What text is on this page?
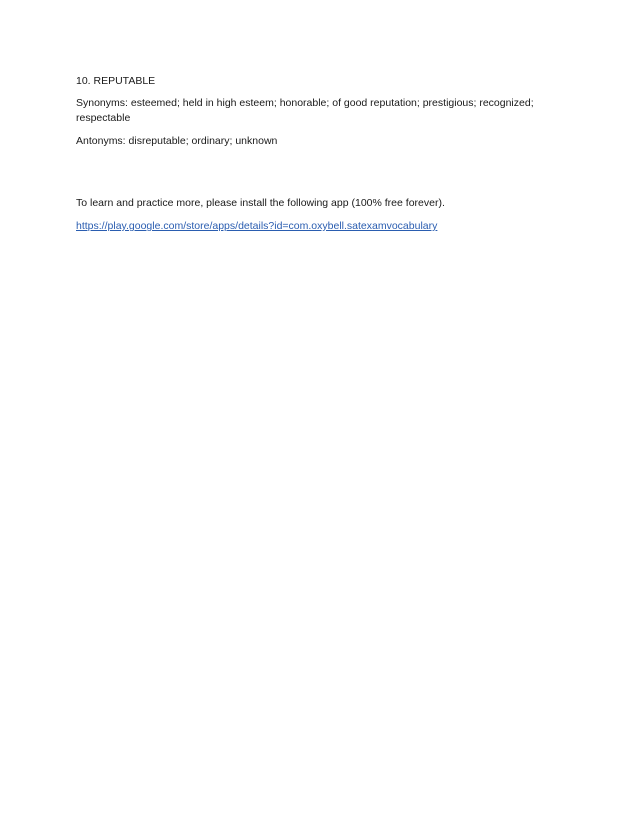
10. REPUTABLE

Synonyms: esteemed; held in high esteem; honorable; of good reputation; prestigious; recognized; respectable

Antonyms: disreputable; ordinary; unknown

To learn and practice more, please install the following app (100% free forever).

https://play.google.com/store/apps/details?id=com.oxybell.satexamvocabulary
